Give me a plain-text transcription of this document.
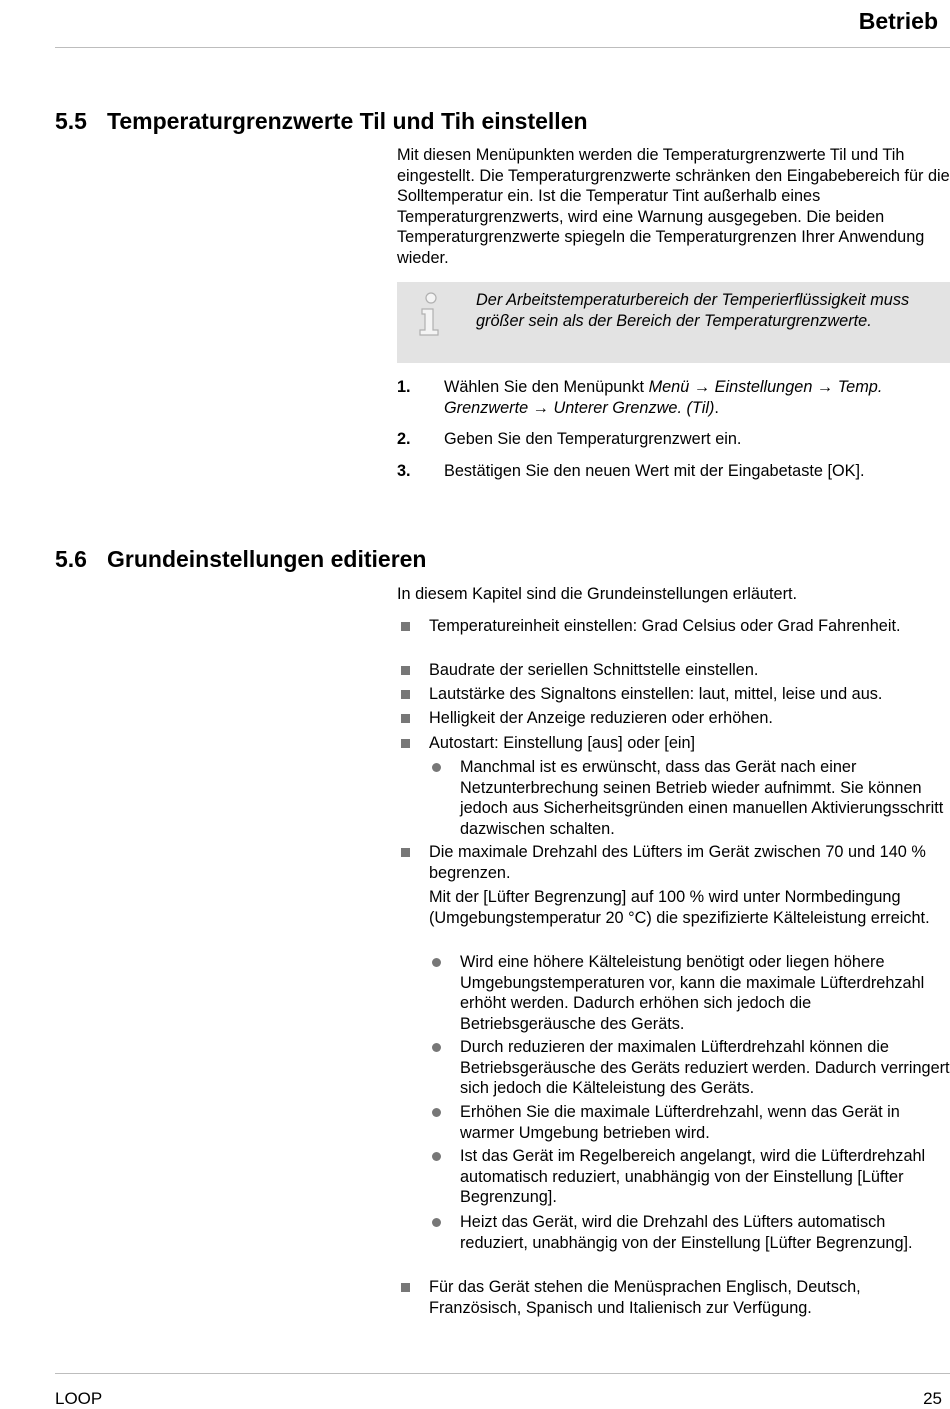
Betrieb
5.5 Temperaturgrenzwerte Til und Tih einstellen

Mit diesen Menüpunkten werden die Temperaturgrenzwerte Til und Tih eingestellt. Die Temperaturgrenzwerte schränken den Eingabebereich für die Solltemperatur ein. Ist die Temperatur Tint außerhalb eines Temperaturgrenzwerts, wird eine Warnung ausgegeben. Die beiden Temperaturgrenzwerte spiegeln die Temperaturgrenzen Ihrer Anwendung wieder.

Der Arbeitstemperaturbereich der Temperierflüssigkeit muss größer sein als der Bereich der Temperaturgrenzwerte.
1. Wählen Sie den Menüpunkt Menü → Einstellungen → Temp. Grenzwerte → Unterer Grenzwe. (Til).
2. Geben Sie den Temperaturgrenzwert ein.
3. Bestätigen Sie den neuen Wert mit der Eingabetaste [OK].
5.6 Grundeinstellungen editieren
In diesem Kapitel sind die Grundeinstellungen erläutert.
Temperatureinheit einstellen: Grad Celsius oder Grad Fahrenheit.
Baudrate der seriellen Schnittstelle einstellen.
Lautstärke des Signaltons einstellen: laut, mittel, leise und aus.
Helligkeit der Anzeige reduzieren oder erhöhen.
Autostart: Einstellung [aus] oder [ein]
Manchmal ist es erwünscht, dass das Gerät nach einer Netzunterbrechung seinen Betrieb wieder aufnimmt. Sie können jedoch aus Sicherheitsgründen einen manuellen Aktivierungsschritt dazwischen schalten.
Die maximale Drehzahl des Lüfters im Gerät zwischen 70 und 140 % begrenzen.
Mit der [Lüfter Begrenzung] auf 100 % wird unter Normbedingung (Umgebungstemperatur 20 °C) die spezifizierte Kälteleistung erreicht.
Wird eine höhere Kälteleistung benötigt oder liegen höhere Umgebungstemperaturen vor, kann die maximale Lüfterdrehzahl erhöht werden. Dadurch erhöhen sich jedoch die Betriebsgeräusche des Geräts.
Durch reduzieren der maximalen Lüfterdrehzahl können die Betriebsgeräusche des Geräts reduziert werden. Dadurch verringert sich jedoch die Kälteleistung des Geräts.
Erhöhen Sie die maximale Lüfterdrehzahl, wenn das Gerät in warmer Umgebung betrieben wird.
Ist das Gerät im Regelbereich angelangt, wird die Lüfterdrehzahl automatisch reduziert, unabhängig von der Einstellung [Lüfter Begrenzung].
Heizt das Gerät, wird die Drehzahl des Lüfters automatisch reduziert, unabhängig von der Einstellung [Lüfter Begrenzung].
Für das Gerät stehen die Menüsprachen Englisch, Deutsch, Französisch, Spanisch und Italienisch zur Verfügung.
LOOP	25
